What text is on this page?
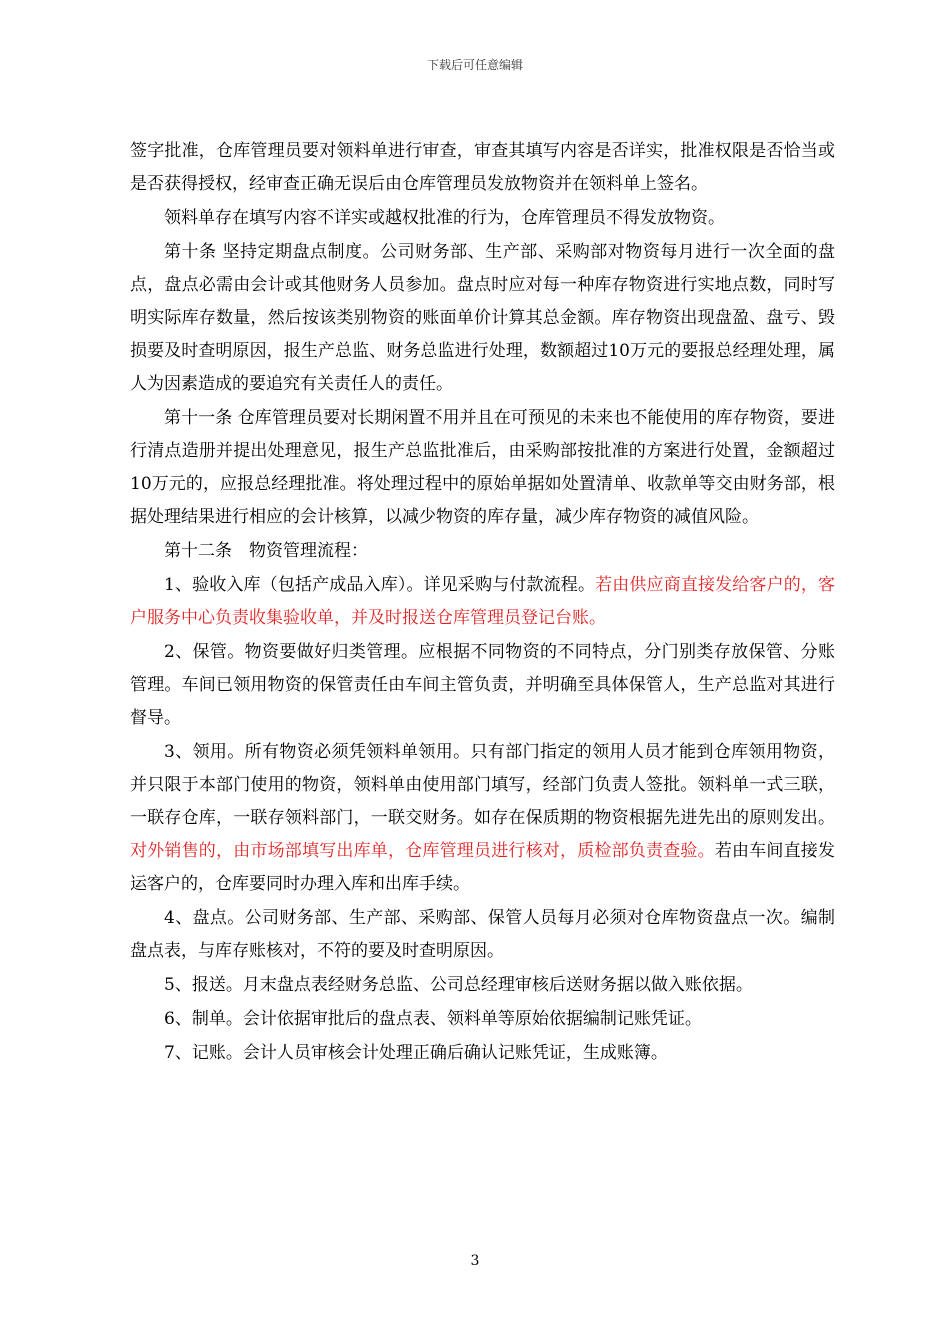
下载后可任意编辑

签字批准，仓库管理员要对领料单进行审查，审查其填写内容是否详实，批准权限是否恰当或是否获得授权，经审查正确无误后由仓库管理员发放物资并在领料单上签名。

领料单存在填写内容不详实或越权批准的行为，仓库管理员不得发放物资。

第十条 坚持定期盘点制度。公司财务部、生产部、采购部对物资每月进行一次全面的盘点，盘点必需由会计或其他财务人员参加。盘点时应对每一种库存物资进行实地点数，同时写明实际库存数量，然后按该类别物资的账面单价计算其总金额。库存物资出现盘盈、盘亏、毁损要及时查明原因，报生产总监、财务总监进行处理，数额超过10万元的要报总经理处理，属人为因素造成的要追究有关责任人的责任。

第十一条 仓库管理员要对长期闲置不用并且在可预见的未来也不能使用的库存物资，要进行清点造册并提出处理意见，报生产总监批准后，由采购部按批准的方案进行处置，金额超过10万元的，应报总经理批准。将处理过程中的原始单据如处置清单、收款单等交由财务部，根据处理结果进行相应的会计核算，以减少物资的库存量，减少库存物资的减值风险。

第十二条　物资管理流程：

1、验收入库（包括产成品入库）。详见采购与付款流程。若由供应商直接发给客户的，客户服务中心负责收集验收单，并及时报送仓库管理员登记台账。

2、保管。物资要做好归类管理。应根据不同物资的不同特点，分门别类存放保管、分账管理。车间已领用物资的保管责任由车间主管负责，并明确至具体保管人，生产总监对其进行督导。

3、领用。所有物资必须凭领料单领用。只有部门指定的领用人员才能到仓库领用物资，并只限于本部门使用的物资，领料单由使用部门填写，经部门负责人签批。领料单一式三联，一联存仓库，一联存领料部门，一联交财务。如存在保质期的物资根据先进先出的原则发出。对外销售的，由市场部填写出库单，仓库管理员进行核对，质检部负责查验。若由车间直接发运客户的，仓库要同时办理入库和出库手续。

4、盘点。公司财务部、生产部、采购部、保管人员每月必须对仓库物资盘点一次。编制盘点表，与库存账核对，不符的要及时查明原因。

5、报送。月末盘点表经财务总监、公司总经理审核后送财务据以做入账依据。

6、制单。会计依据审批后的盘点表、领料单等原始依据编制记账凭证。

7、记账。会计人员审核会计处理正确后确认记账凭证，生成账簿。

3
